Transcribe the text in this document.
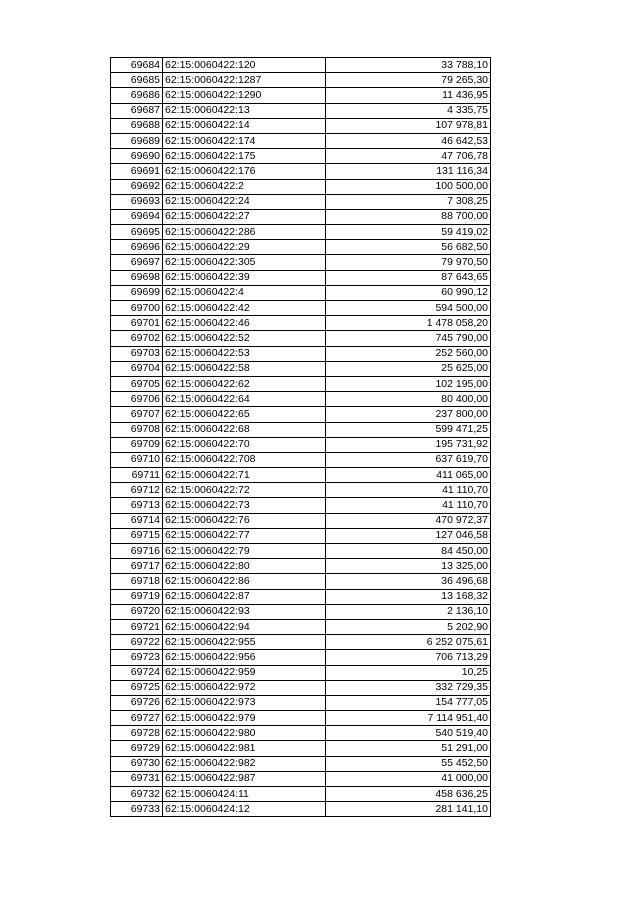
69684	62:15:0060422:120	33 788,10
69685	62:15:0060422:1287	79 265,30
69686	62:15:0060422:1290	11 436,95
69687	62:15:0060422:13	4 335,75
69688	62:15:0060422:14	107 978,81
69689	62:15:0060422:174	46 642,53
69690	62:15:0060422:175	47 706,78
69691	62:15:0060422:176	131 116,34
69692	62:15:0060422:2	100 500,00
69693	62:15:0060422:24	7 308,25
69694	62:15:0060422:27	88 700,00
69695	62:15:0060422:286	59 419,02
69696	62:15:0060422:29	56 682,50
69697	62:15:0060422:305	79 970,50
69698	62:15:0060422:39	87 643,65
69699	62:15:0060422:4	60 990,12
69700	62:15:0060422:42	594 500,00
69701	62:15:0060422:46	1 478 058,20
69702	62:15:0060422:52	745 790,00
69703	62:15:0060422:53	252 560,00
69704	62:15:0060422:58	25 625,00
69705	62:15:0060422:62	102 195,00
69706	62:15:0060422:64	80 400,00
69707	62:15:0060422:65	237 800,00
69708	62:15:0060422:68	599 471,25
69709	62:15:0060422:70	195 731,92
69710	62:15:0060422:708	637 619,70
69711	62:15:0060422:71	411 065,00
69712	62:15:0060422:72	41 110,70
69713	62:15:0060422:73	41 110,70
69714	62:15:0060422:76	470 972,37
69715	62:15:0060422:77	127 046,58
69716	62:15:0060422:79	84 450,00
69717	62:15:0060422:80	13 325,00
69718	62:15:0060422:86	36 496,68
69719	62:15:0060422:87	13 168,32
69720	62:15:0060422:93	2 136,10
69721	62:15:0060422:94	5 202,90
69722	62:15:0060422:955	6 252 075,61
69723	62:15:0060422:956	706 713,29
69724	62:15:0060422:959	10,25
69725	62:15:0060422:972	332 729,35
69726	62:15:0060422:973	154 777,05
69727	62:15:0060422:979	7 114 951,40
69728	62:15:0060422:980	540 519,40
69729	62:15:0060422:981	51 291,00
69730	62:15:0060422:982	55 452,50
69731	62:15:0060422:987	41 000,00
69732	62:15:0060424:11	458 636,25
69733	62:15:0060424:12	281 141,10
